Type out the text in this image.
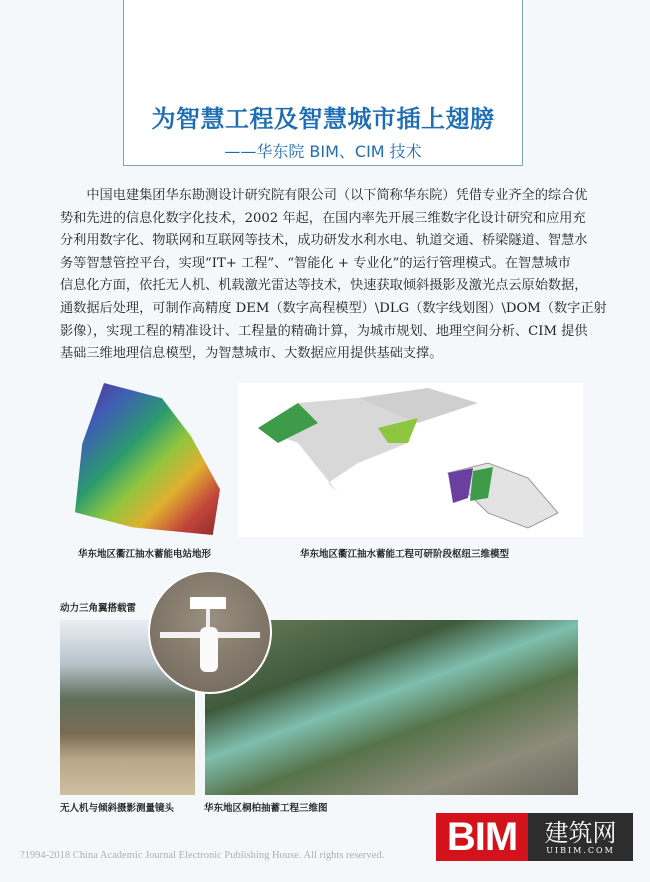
为智慧工程及智慧城市插上翅膀
——华东院 BIM、CIM 技术
　　中国电建集团华东勘测设计研究院有限公司（以下简称华东院）凭借专业齐全的综合优
势和先进的信息化数字化技术，2002 年起，在国内率先开展三维数字化设计研究和应用充
分利用数字化、物联网和互联网等技术，成功研发水利水电、轨道交通、桥梁隧道、智慧水
务等智慧管控平台，实现“IT+ 工程”、“智能化 + 专业化”的运行管理模式。在智慧城市
信息化方面，依托无人机、机载激光雷达等技术，快速获取倾斜摄影及激光点云原始数据，
通数据后处理，可制作高精度 DEM（数字高程模型）\DLG（数字线划图）\DOM（数字正射
影像），实现工程的精准设计、工程量的精确计算，为城市规划、地理空间分析、CIM 提供
基础三维地理信息模型，为智慧城市、大数据应用提供基础支撑。
华东地区衢江抽水蓄能电站地形	华东地区衢江抽水蓄能工程可研阶段枢纽三维模型
动力三角翼搭载雷
无人机与倾斜摄影测量镜头	华东地区桐柏抽蓄工程三维图
BIM	建筑网
UIBIM.COM
?1994-2018 China Academic Journal Electronic Publishing House. All rights reserved.
